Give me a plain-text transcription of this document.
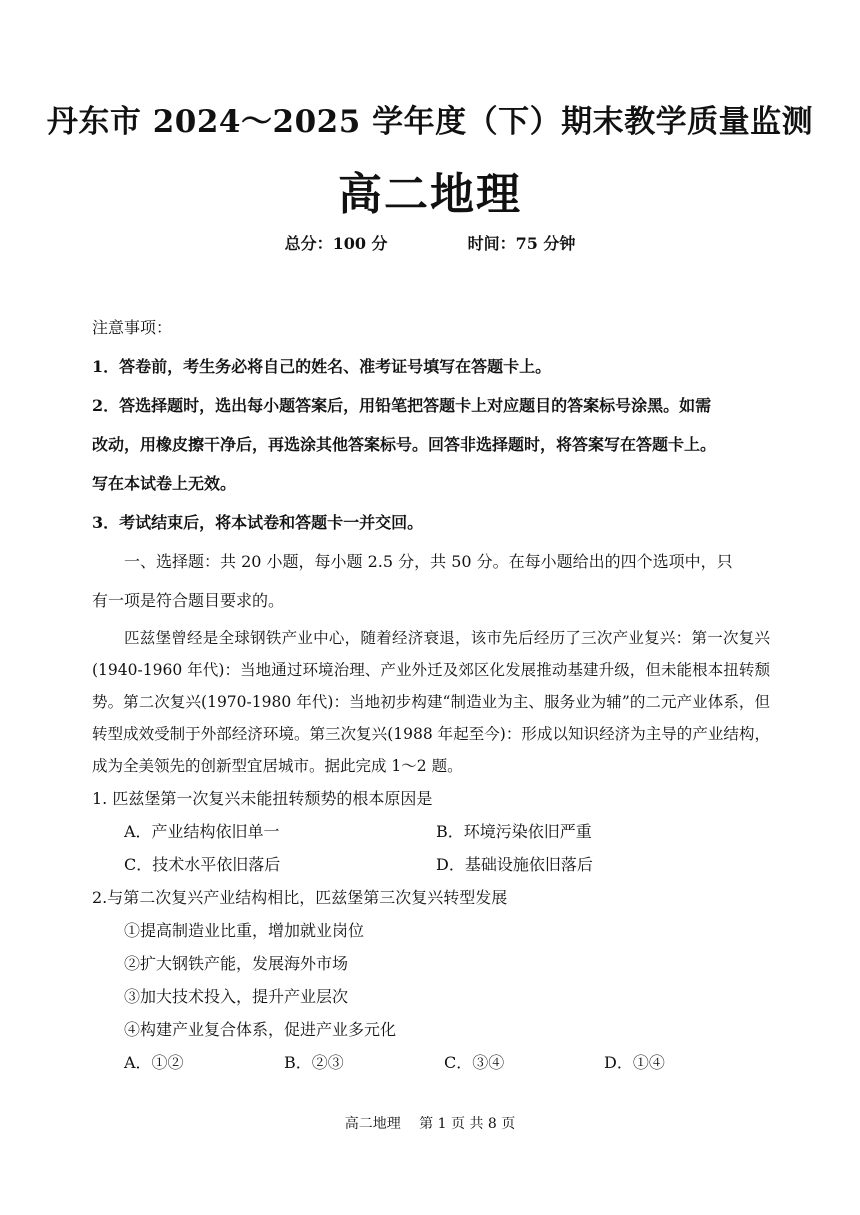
丹东市 2024～2025 学年度（下）期末教学质量监测
高二地理
总分：100 分	时间：75 分钟
注意事项：
1．答卷前，考生务必将自己的姓名、准考证号填写在答题卡上。
2．答选择题时，选出每小题答案后，用铅笔把答题卡上对应题目的答案标号涂黑。如需
改动，用橡皮擦干净后，再选涂其他答案标号。回答非选择题时，将答案写在答题卡上。
写在本试卷上无效。
3．考试结束后，将本试卷和答题卡一并交回。
一、选择题：共 20 小题，每小题 2.5 分，共 50 分。在每小题给出的四个选项中，只
有一项是符合题目要求的。
匹兹堡曾经是全球钢铁产业中心，随着经济衰退，该市先后经历了三次产业复兴：第一次复兴(1940-1960 年代)：当地通过环境治理、产业外迁及郊区化发展推动基建升级，但未能根本扭转颓势。第二次复兴(1970-1980 年代)：当地初步构建“制造业为主、服务业为辅”的二元产业体系，但转型成效受制于外部经济环境。第三次复兴(1988 年起至今)：形成以知识经济为主导的产业结构，成为全美领先的创新型宜居城市。据此完成 1～2 题。
1. 匹兹堡第一次复兴未能扭转颓势的根本原因是
A．产业结构依旧单一	B．环境污染依旧严重
C．技术水平依旧落后	D．基础设施依旧落后
2.与第二次复兴产业结构相比，匹兹堡第三次复兴转型发展
①提高制造业比重，增加就业岗位
②扩大钢铁产能，发展海外市场
③加大技术投入，提升产业层次
④构建产业复合体系，促进产业多元化
A．①②	B．②③	C．③④	D．①④
高二地理　 第 1 页 共 8 页
